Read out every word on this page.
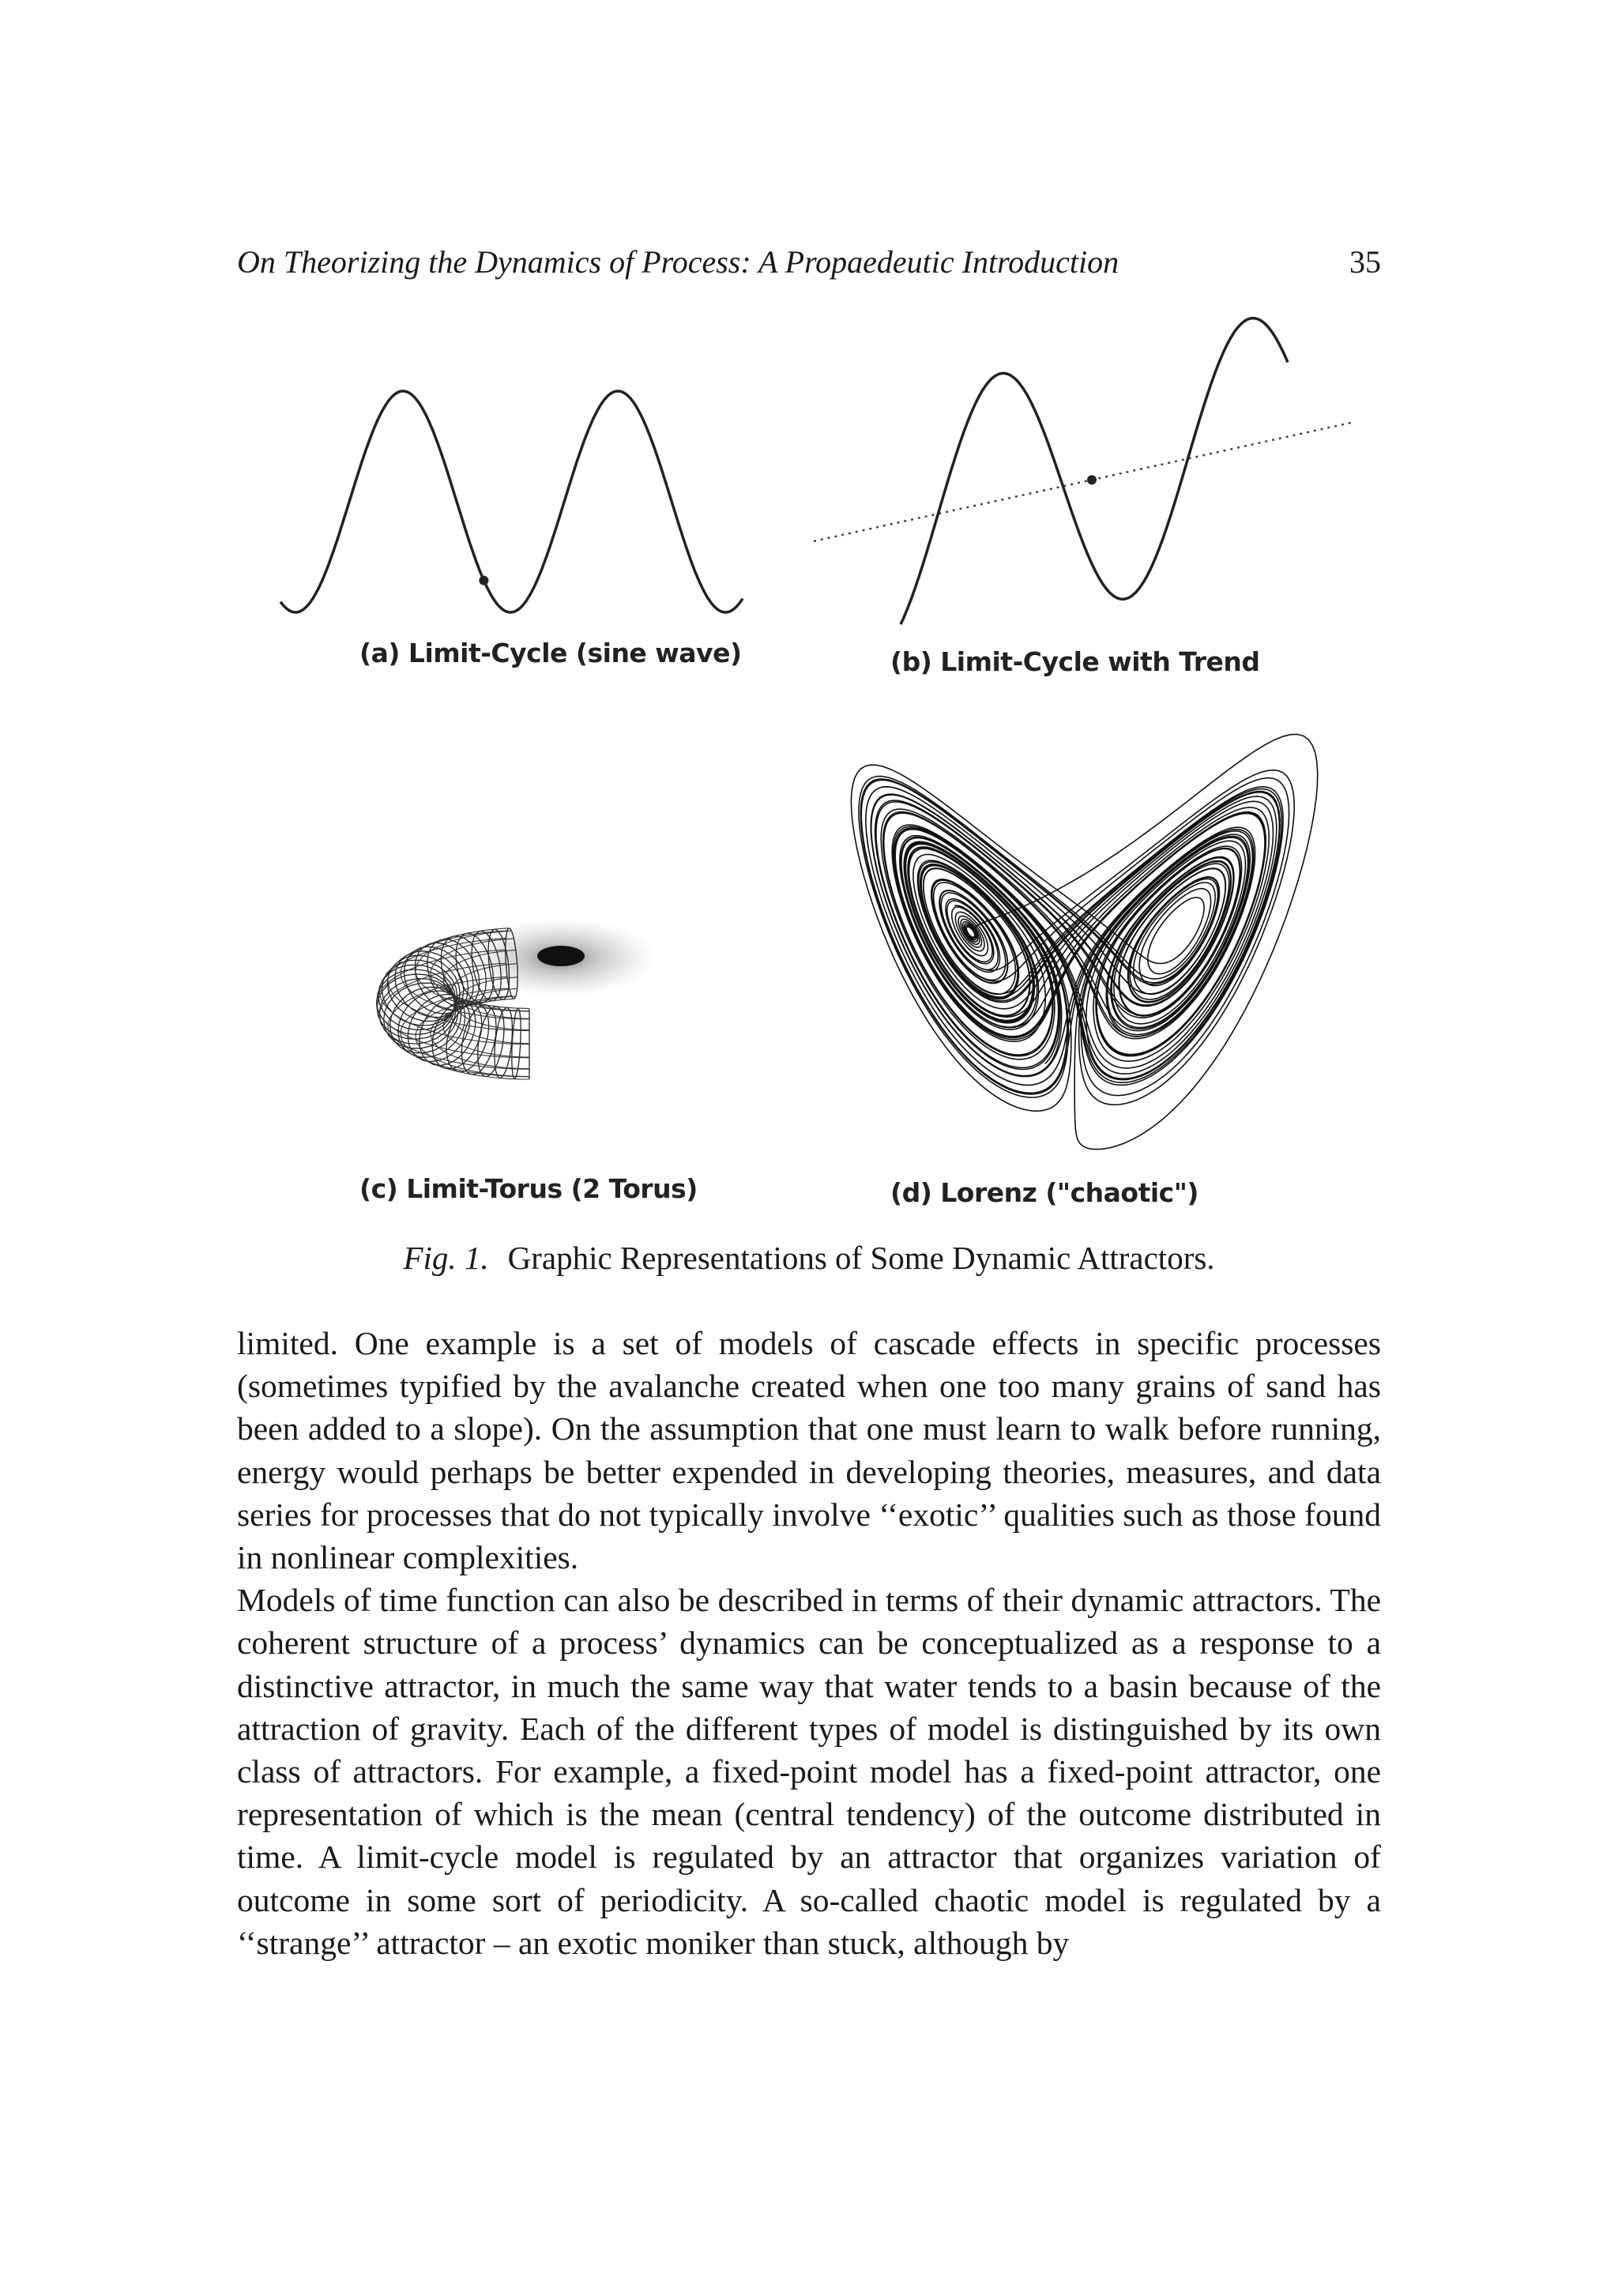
On Theorizing the Dynamics of Process: A Propaedeutic Introduction	35
(a) Limit-Cycle (sine wave)	(b) Limit-Cycle with Trend
(c) Limit-Torus (2 Torus)	(d) Lorenz ("chaotic")
Fig. 1. Graphic Representations of Some Dynamic Attractors.

limited. One example is a set of models of cascade effects in specific processes (sometimes typified by the avalanche created when one too many grains of sand has been added to a slope). On the assumption that one must learn to walk before running, energy would perhaps be better expended in developing theories, measures, and data series for processes that do not typically involve ‘‘exotic’’ qualities such as those found in nonlinear complexities.

Models of time function can also be described in terms of their dynamic attractors. The coherent structure of a process’ dynamics can be conceptualized as a response to a distinctive attractor, in much the same way that water tends to a basin because of the attraction of gravity. Each of the different types of model is distinguished by its own class of attractors. For example, a fixed-point model has a fixed-point attractor, one representation of which is the mean (central tendency) of the outcome distributed in time. A limit-cycle model is regulated by an attractor that organizes variation of outcome in some sort of periodicity. A so-called chaotic model is regulated by a ‘‘strange’’ attractor – an exotic moniker than stuck, although by
